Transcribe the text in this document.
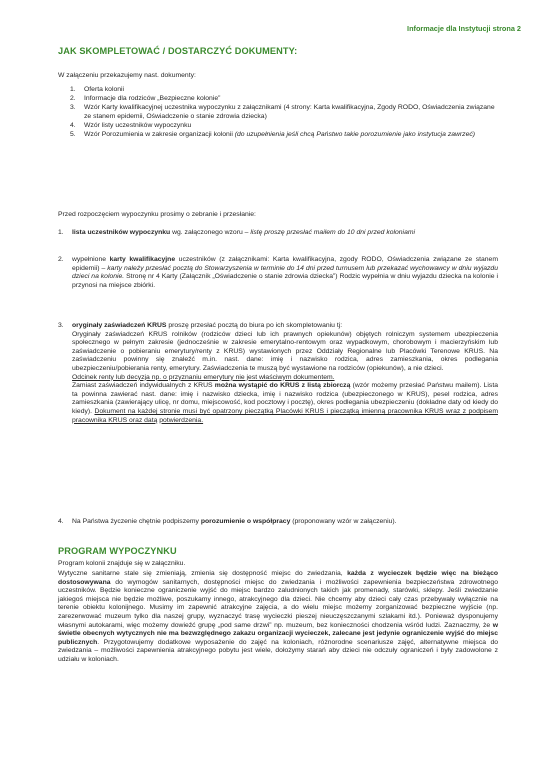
Informacje dla Instytucji strona 2
JAK SKOMPLETOWAĆ / DOSTARCZYĆ DOKUMENTY:

W załączeniu przekazujemy nast. dokumenty:

1. Oferta kolonii
2. Informacje dla rodziców „Bezpieczne kolonie”
3. Wzór Karty kwalifikacyjnej uczestnika wypoczynku z załącznikami (4 strony: Karta kwalifikacyjna, Zgody RODO, Oświadczenia związane ze stanem epidemii, Oświadczenie o stanie zdrowia dziecka)
4. Wzór listy uczestników wypoczynku
5. Wzór Porozumienia w zakresie organizacji kolonii (do uzupełnienia jeśli chcą Państwo takie porozumienie jako instytucja zawrzeć)

Przed rozpoczęciem wypoczynku prosimy o zebranie i przesłanie:

1. lista uczestników wypoczynku wg. załączonego wzoru – listę proszę przesłać mailem do 10 dni przed koloniami
2. wypełnione karty kwalifikacyjne uczestników (z załącznikami: Karta kwalifikacyjna, zgody RODO, Oświadczenia związane ze stanem epidemii) – karty należy przesłać pocztą do Stowarzyszenia w terminie do 14 dni przed turnusem lub przekazać wychowawcy w dniu wyjazdu dzieci na kolonie. Stronę nr 4 Karty (Załącznik „Oświadczenie o stanie zdrowia dziecka”) Rodzic wypełnia w dniu wyjazdu dziecka na kolonie i przynosi na miejsce zbiórki.
3. oryginały zaświadczeń KRUS proszę przesłać pocztą do biura po ich skompletowaniu tj:

Oryginały zaświadczeń KRUS rolników (rodziców dzieci lub ich prawnych opiekunów) objętych rolniczym systemem ubezpieczenia społecznego w pełnym zakresie (jednocześnie w zakresie emerytalno-rentowym oraz wypadkowym, chorobowym i macierzyńskim lub zaświadczenie o pobieraniu emerytury/renty z KRUS) wystawionych przez Oddziały Regionalne lub Placówki Terenowe KRUS. Na zaświadczeniu powinny się znaleźć m.in. nast. dane: imię i nazwisko rodzica, adres zamieszkania, okres podlegania ubezpieczeniu/pobierania renty, emerytury. Zaświadczenia te muszą być wystawione na rodziców (opiekunów), a nie dzieci.

Odcinek renty lub decyzja np. o przyznaniu emerytury nie jest właściwym dokumentem.

Zamiast zaświadczeń indywidualnych z KRUS można wystąpić do KRUS z listą zbiorczą (wzór możemy przesłać Państwu mailem). Lista ta powinna zawierać nast. dane: imię i nazwisko dziecka, imię i nazwisko rodzica (ubezpieczonego w KRUS), pesel rodzica, adres zamieszkania (zawierający ulicę, nr domu, miejscowość, kod pocztowy i pocztę), okres podlegania ubezpieczeniu (dokładne daty od kiedy do kiedy). Dokument na każdej stronie musi być opatrzony pieczątką Placówki KRUS i pieczątką imienną pracownika KRUS wraz z podpisem pracownika KRUS oraz datą potwierdzenia.

4. Na Państwa życzenie chętnie podpiszemy porozumienie o współpracy (proponowany wzór w załączeniu).
PROGRAM WYPOCZYNKU

Program kolonii znajduje się w załączniku.

Wytyczne sanitarne stale się zmieniają, zmienia się dostępność miejsc do zwiedzania, każda z wycieczek będzie więc na bieżąco dostosowywana do wymogów sanitarnych, dostępności miejsc do zwiedzania i możliwości zapewnienia bezpieczeństwa zdrowotnego uczestników. Będzie konieczne ograniczenie wyjść do miejsc bardzo zaludnionych takich jak promenady, starówki, sklepy. Jeśli zwiedzanie jakiegoś miejsca nie będzie możliwe, poszukamy innego, atrakcyjnego dla dzieci. Nie chcemy aby dzieci cały czas przebywały wyłącznie na terenie obiektu kolonijnego. Musimy im zapewnić atrakcyjne zajęcia, a do wielu miejsc możemy zorganizować bezpieczne wyjście (np. zarezerwować muzeum tylko dla naszej grupy, wyznaczyć trasę wycieczki pieszej nieuczęszczanymi szlakami itd.). Ponieważ dysponujemy własnymi autokarami, więc możemy dowieźć grupę „pod same drzwi” np. muzeum, bez konieczności chodzenia wśród ludzi. Zaznaczmy, że w świetle obecnych wytycznych nie ma bezwzględnego zakazu organizacji wycieczek, zalecane jest jedynie ograniczenie wyjść do miejsc publicznych. Przygotowujemy dodatkowe wyposażenie do zajęć na koloniach, różnorodne scenariusze zajęć, alternatywne miejsca do zwiedzania – możliwości zapewnienia atrakcyjnego pobytu jest wiele, dołożymy starań aby dzieci nie odczuły ograniczeń i były zadowolone z udziału w koloniach.
